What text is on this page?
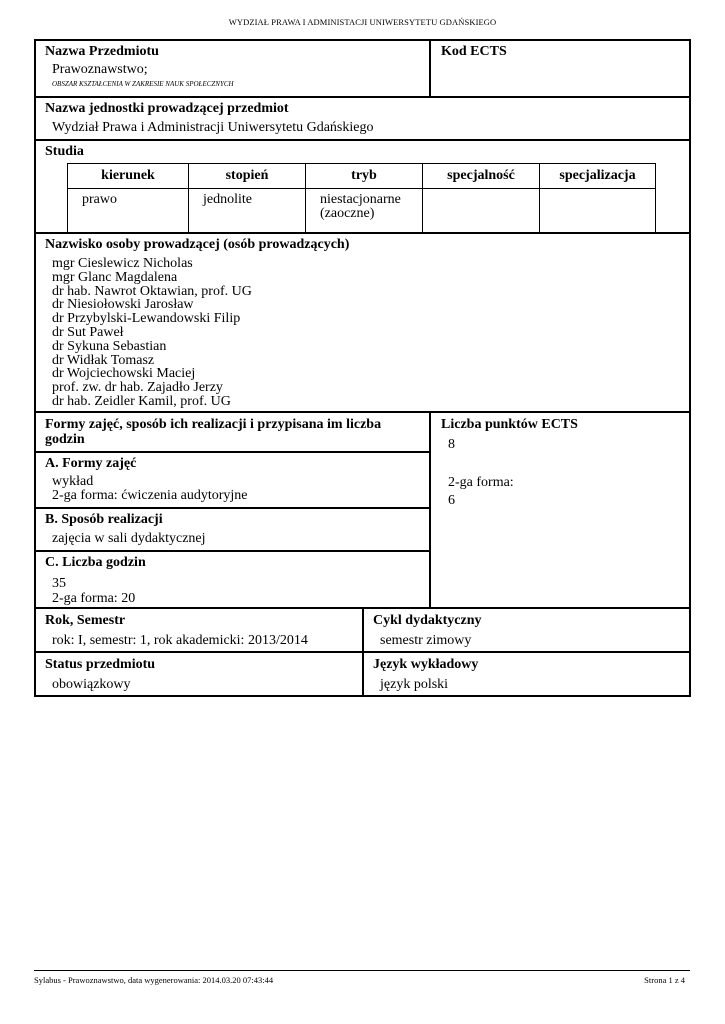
WYDZIAŁ PRAWA I ADMINISTACJI UNIWERSYTETU GDAŃSKIEGO
Nazwa Przedmiotu
Prawoznawstwo;
OBSZAR KSZTAŁCENIA W ZAKRESIE NAUK SPOŁECZNYCH
Kod ECTS
Nazwa jednostki prowadzącej przedmiot
Wydział Prawa i Administracji Uniwersytetu Gdańskiego
Studia
kierunek	stopień	tryb	specjalność	specjalizacja
prawo	jednolite	niestacjonarne
(zaoczne)		
Nazwisko osoby prowadzącej (osób prowadzących)
mgr Cieslewicz Nicholas
mgr Glanc Magdalena
dr hab. Nawrot Oktawian, prof. UG
dr Niesiołowski Jarosław
dr Przybylski-Lewandowski Filip
dr Sut Paweł
dr Sykuna Sebastian
dr Widłak Tomasz
dr Wojciechowski Maciej
prof. zw. dr hab. Zajadło Jerzy
dr hab. Zeidler Kamil, prof. UG
Formy zajęć, sposób ich realizacji i przypisana im liczba
godzin
A. Formy zajęć
wykład
2-ga forma: ćwiczenia audytoryjne
B. Sposób realizacji
zajęcia w sali dydaktycznej
C. Liczba godzin
35
2-ga forma: 20
Liczba punktów ECTS
8
2-ga forma:
6
Rok, Semestr
rok: I, semestr: 1, rok akademicki: 2013/2014
Cykl dydaktyczny
semestr zimowy
Status przedmiotu
obowiązkowy
Język wykładowy
język polski
Sylabus - Prawoznawstwo, data wygenerowania: 2014.03.20 07:43:44	Strona 1 z 4
